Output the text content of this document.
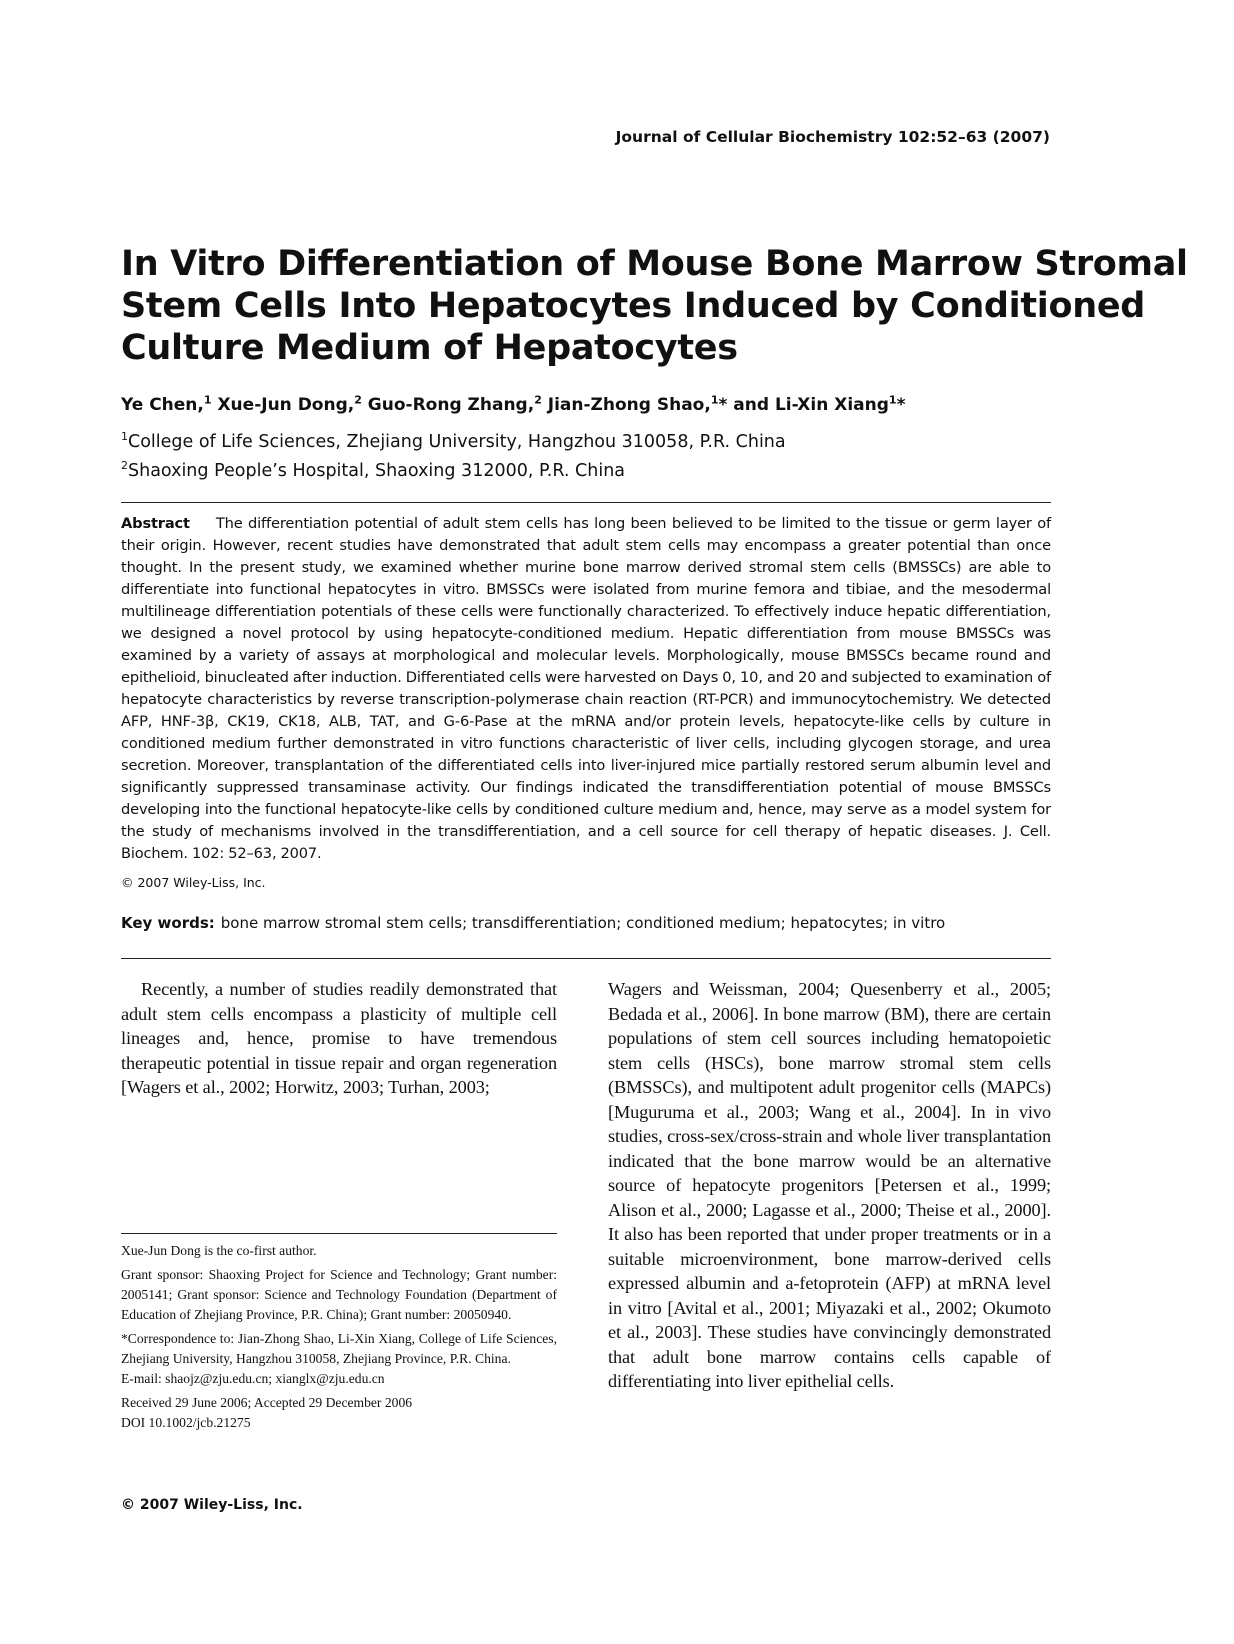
Journal of Cellular Biochemistry 102:52–63 (2007)
In Vitro Differentiation of Mouse Bone Marrow Stromal
Stem Cells Into Hepatocytes Induced by Conditioned
Culture Medium of Hepatocytes
Ye Chen,$^1$ Xue-Jun Dong,$^2$ Guo-Rong Zhang,$^2$ Jian-Zhong Shao,$^1$* and Li-Xin Xiang$^1$*
$^1$College of Life Sciences, Zhejiang University, Hangzhou 310058, P.R. China
$^2$Shaoxing People’s Hospital, Shaoxing 312000, P.R. China
Abstract The differentiation potential of adult stem cells has long been believed to be limited to the tissue or germ layer of their origin. However, recent studies have demonstrated that adult stem cells may encompass a greater potential than once thought. In the present study, we examined whether murine bone marrow derived stromal stem cells (BMSSCs) are able to differentiate into functional hepatocytes in vitro. BMSSCs were isolated from murine femora and tibiae, and the mesodermal multilineage differentiation potentials of these cells were functionally characterized. To effectively induce hepatic differentiation, we designed a novel protocol by using hepatocyte-conditioned medium. Hepatic differentiation from mouse BMSSCs was examined by a variety of assays at morphological and molecular levels. Morphologically, mouse BMSSCs became round and epithelioid, binucleated after induction. Differentiated cells were harvested on Days 0, 10, and 20 and subjected to examination of hepatocyte characteristics by reverse transcription-polymerase chain reaction (RT-PCR) and immunocytochemistry. We detected AFP, HNF-3β, CK19, CK18, ALB, TAT, and G-6-Pase at the mRNA and/or protein levels, hepatocyte-like cells by culture in conditioned medium further demonstrated in vitro functions characteristic of liver cells, including glycogen storage, and urea secretion. Moreover, transplantation of the differentiated cells into liver-injured mice partially restored serum albumin level and significantly suppressed transaminase activity. Our findings indicated the transdifferentiation potential of mouse BMSSCs developing into the functional hepatocyte-like cells by conditioned culture medium and, hence, may serve as a model system for the study of mechanisms involved in the transdifferentiation, and a cell source for cell therapy of hepatic diseases. J. Cell. Biochem. 102: 52–63, 2007.
© 2007 Wiley-Liss, Inc.
Key words: bone marrow stromal stem cells; transdifferentiation; conditioned medium; hepatocytes; in vitro
Recently, a number of studies readily demonstrated that adult stem cells encompass a plasticity of multiple cell lineages and, hence, promise to have tremendous therapeutic potential in tissue repair and organ regeneration [Wagers et al., 2002; Horwitz, 2003; Turhan, 2003;
Wagers and Weissman, 2004; Quesenberry et al., 2005; Bedada et al., 2006]. In bone marrow (BM), there are certain populations of stem cell sources including hematopoietic stem cells (HSCs), bone marrow stromal stem cells (BMSSCs), and multipotent adult progenitor cells (MAPCs) [Muguruma et al., 2003; Wang et al., 2004]. In in vivo studies, cross-sex/cross-strain and whole liver transplantation indicated that the bone marrow would be an alternative source of hepatocyte progenitors [Petersen et al., 1999; Alison et al., 2000; Lagasse et al., 2000; Theise et al., 2000]. It also has been reported that under proper treatments or in a suitable microenvironment, bone marrow-derived cells expressed albumin and a-fetoprotein (AFP) at mRNA level in vitro [Avital et al., 2001; Miyazaki et al., 2002; Okumoto et al., 2003]. These studies have convincingly demonstrated that adult bone marrow contains cells capable of differentiating into liver epithelial cells.

Xue-Jun Dong is the co-first author.

Grant sponsor: Shaoxing Project for Science and Technology; Grant number: 2005141; Grant sponsor: Science and Technology Foundation (Department of Education of Zhejiang Province, P.R. China); Grant number: 20050940.

*Correspondence to: Jian-Zhong Shao, Li-Xin Xiang, College of Life Sciences, Zhejiang University, Hangzhou 310058, Zhejiang Province, P.R. China.

E-mail: shaojz@zju.edu.cn; xianglx@zju.edu.cn

Received 29 June 2006; Accepted 29 December 2006

DOI 10.1002/jcb.21275

© 2007 Wiley-Liss, Inc.
